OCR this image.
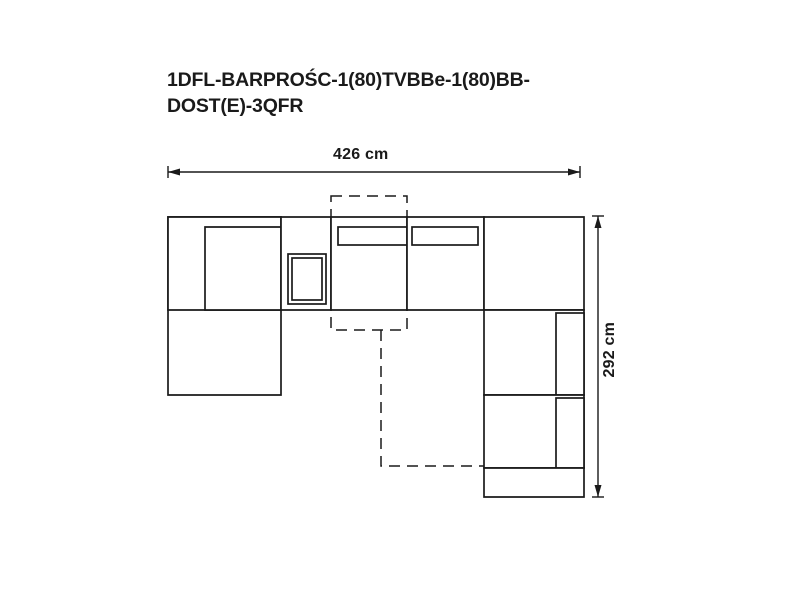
1DFL-BARPROŚC-1(80)TVBBe-1(80)BB-DOST(E)-3QFR
426 cm
292 cm
